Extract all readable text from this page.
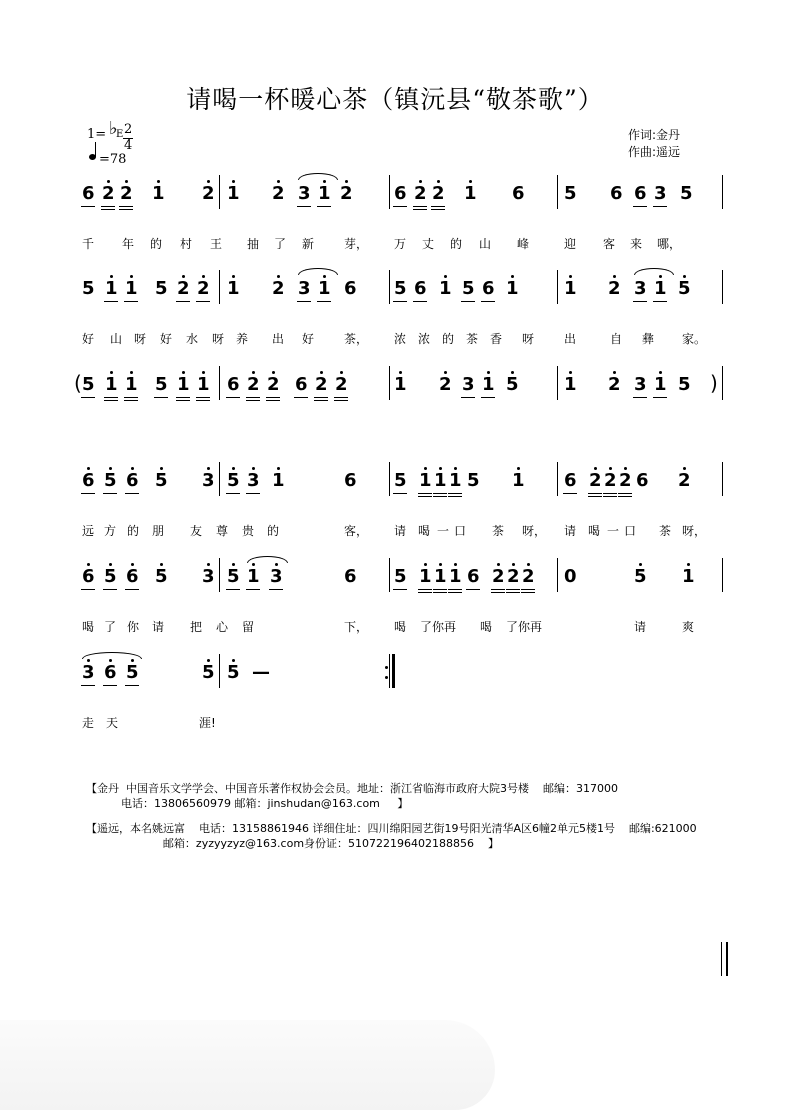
请喝一杯暖心茶（镇沅县“敬茶歌”）
1= ♭
E 2
4
=78
作词:金丹
作曲:遥远
6 2 2 1 2 1 2 3 1 2 6 2 2 1 6 5 6 6 3 5
5 1 1 5 2 2 1 2 3 1 6 5 6 1 5 6 1	1 2 3 1 5
5 1 1 5 1 1 6 2 2 6 2 2	1 2 3 1 5	1 2 3 1 5
(	)
6 5 6 5 3 5 3 1	6 5 1 1 1 5 1 6 2 2 2 6 2
6 5 6 5 3 5 1 3	6 5 1 1 1 6 2 2 2 0	5 1
3 6 5	5 5 —
千 年 的 村 王 抽 了 新 芽， 万 丈 的 山 峰	迎 客 来 哪，
好 山 呀 好 水 呀 养 出 好 茶， 浓 浓 的 茶 香 呀 出	自 彝 家。
远 方 的 朋 友 尊 贵 的	客， 请 喝 一 口 茶 呀， 请 喝 一 口 茶 呀，
喝 了 你 请 把 心 留	下， 喝 了你再 喝 了你再	请	爽
走 天	涯!
【金丹  中国音乐文学学会、中国音乐著作权协会会员。地址：浙江省临海市政府大院3号楼    邮编：317000
电话：13806560979 邮箱：jinshudan@163.com     】
【遥远，本名姚远富    电话：13158861946 详细住址：四川绵阳园艺街19号阳光清华A区6幢2单元5楼1号    邮编:621000
邮箱：zyzyyzyz@163.com身份证：510722196402188856    】
